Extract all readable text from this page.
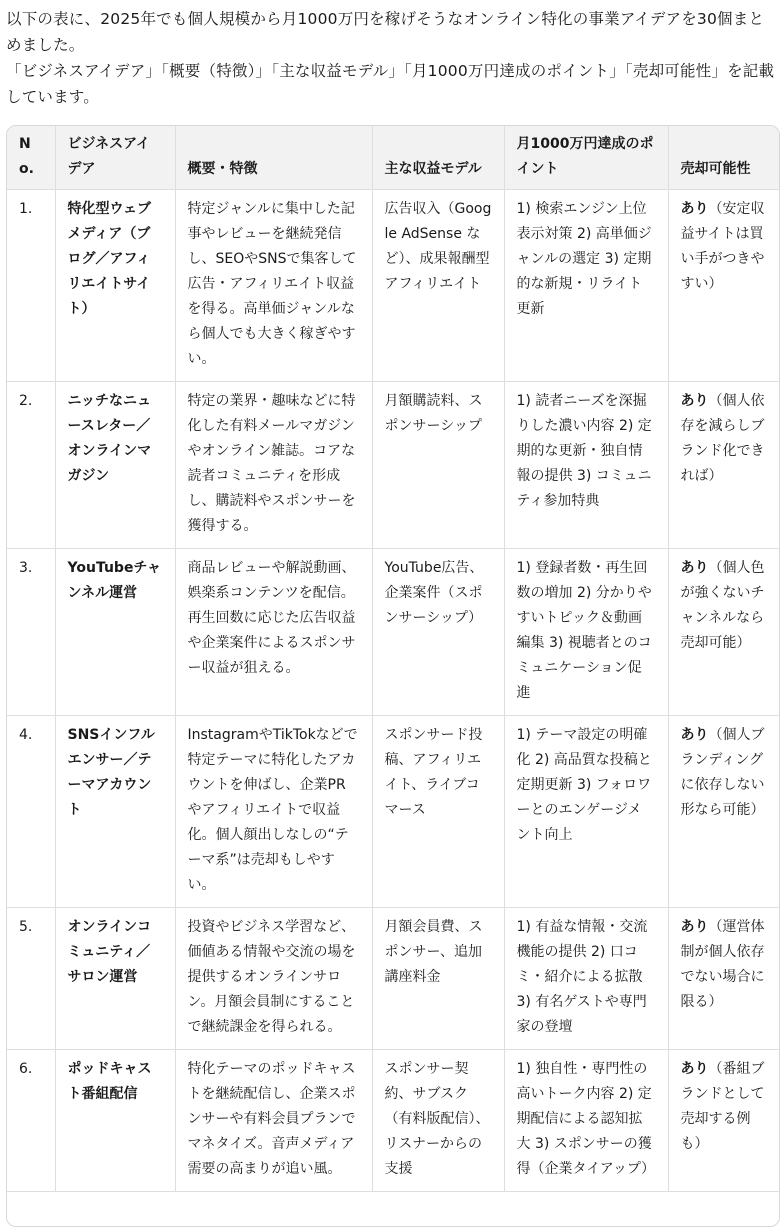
以下の表に、2025年でも個人規模から月1000万円を稼げそうなオンライン特化の事業アイデアを30個まとめました。

「ビジネスアイデア」「概要（特徴）」「主な収益モデル」「月1000万円達成のポイント」「売却可能性」を記載しています。

No.	ビジネスアイデア	概要・特徴	主な収益モデル	月1000万円達成のポイント	売却可能性
1.	特化型ウェブメディア（ブログ／アフィリエイトサイト）	特定ジャンルに集中した記事やレビューを継続発信し、SEOやSNSで集客して広告・アフィリエイト収益を得る。高単価ジャンルなら個人でも大きく稼ぎやすい。	広告収入（Google AdSense など）、成果報酬型アフィリエイト	1) 検索エンジン上位表示対策 2) 高単価ジャンルの選定 3) 定期的な新規・リライト更新	あり（安定収益サイトは買い手がつきやすい）
2.	ニッチなニュースレター／オンラインマガジン	特定の業界・趣味などに特化した有料メールマガジンやオンライン雑誌。コアな読者コミュニティを形成し、購読料やスポンサーを獲得する。	月額購読料、スポンサーシップ	1) 読者ニーズを深掘りした濃い内容 2) 定期的な更新・独自情報の提供 3) コミュニティ参加特典	あり（個人依存を減らしブランド化できれば）
3.	YouTubeチャンネル運営	商品レビューや解説動画、娯楽系コンテンツを配信。再生回数に応じた広告収益や企業案件によるスポンサー収益が狙える。	YouTube広告、企業案件（スポンサーシップ）	1) 登録者数・再生回数の増加 2) 分かりやすいトピック＆動画編集 3) 視聴者とのコミュニケーション促進	あり（個人色が強くないチャンネルなら売却可能）
4.	SNSインフルエンサー／テーマアカウント	InstagramやTikTokなどで特定テーマに特化したアカウントを伸ばし、企業PRやアフィリエイトで収益化。個人顔出しなしの“テーマ系”は売却もしやすい。	スポンサード投稿、アフィリエイト、ライブコマース	1) テーマ設定の明確化 2) 高品質な投稿と定期更新 3) フォロワーとのエンゲージメント向上	あり（個人ブランディングに依存しない形なら可能）
5.	オンラインコミュニティ／サロン運営	投資やビジネス学習など、価値ある情報や交流の場を提供するオンラインサロン。月額会員制にすることで継続課金を得られる。	月額会員費、スポンサー、追加講座料金	1) 有益な情報・交流機能の提供 2) 口コミ・紹介による拡散 3) 有名ゲストや専門家の登壇	あり（運営体制が個人依存でない場合に限る）
6.	ポッドキャスト番組配信	特化テーマのポッドキャストを継続配信し、企業スポンサーや有料会員プランでマネタイズ。音声メディア需要の高まりが追い風。	スポンサー契約、サブスク（有料版配信）、リスナーからの支援	1) 独自性・専門性の高いトーク内容 2) 定期配信による認知拡大 3) スポンサーの獲得（企業タイアップ）	あり（番組ブランドとして売却する例も）
